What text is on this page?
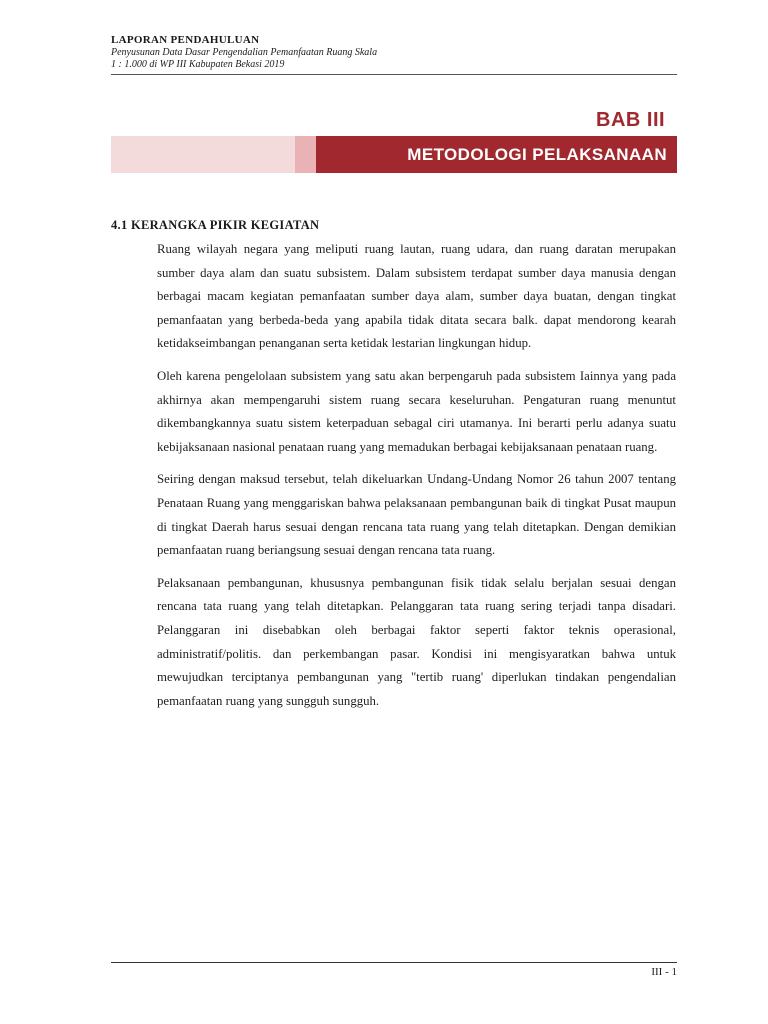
LAPORAN PENDAHULUAN
Penyusunan Data Dasar Pengendalian Pemanfaatan Ruang Skala
1 : 1.000 di WP III Kabupaten Bekasi 2019
BAB III
METODOLOGI PELAKSANAAN
4.1 KERANGKA PIKIR KEGIATAN

Ruang wilayah negara yang meliputi ruang lautan, ruang udara, dan ruang daratan merupakan sumber daya alam dan suatu subsistem. Dalam subsistem terdapat sumber daya manusia dengan berbagai macam kegiatan pemanfaatan sumber daya alam, sumber daya buatan, dengan tingkat pemanfaatan yang berbeda-beda yang apabila tidak ditata secara balk. dapat mendorong kearah ketidakseimbangan penanganan serta ketidak lestarian lingkungan hidup.

Oleh karena pengelolaan subsistem yang satu akan berpengaruh pada subsistem Iainnya yang pada akhirnya akan mempengaruhi sistem ruang secara keseluruhan. Pengaturan ruang menuntut dikembangkannya suatu sistem keterpaduan sebagal ciri utamanya. Ini berarti perlu adanya suatu kebijaksanaan nasional penataan ruang yang memadukan berbagai kebijaksanaan penataan ruang.

Seiring dengan maksud tersebut, telah dikeluarkan Undang-Undang Nomor 26 tahun 2007 tentang Penataan Ruang yang menggariskan bahwa pelaksanaan pembangunan baik di tingkat Pusat maupun di tingkat Daerah harus sesuai dengan rencana tata ruang yang telah ditetapkan. Dengan demikian pemanfaatan ruang beriangsung sesuai dengan rencana tata ruang.

Pelaksanaan pembangunan, khususnya pembangunan fisik tidak selalu berjalan sesuai dengan rencana tata ruang yang telah ditetapkan. Pelanggaran tata ruang sering terjadi tanpa disadari. Pelanggaran ini disebabkan oleh berbagai faktor seperti faktor teknis operasional, administratif/politis. dan perkembangan pasar. Kondisi ini mengisyaratkan bahwa untuk mewujudkan terciptanya pembangunan yang "tertib ruang' diperlukan tindakan pengendalian pemanfaatan ruang yang sungguh sungguh.

III - 1
